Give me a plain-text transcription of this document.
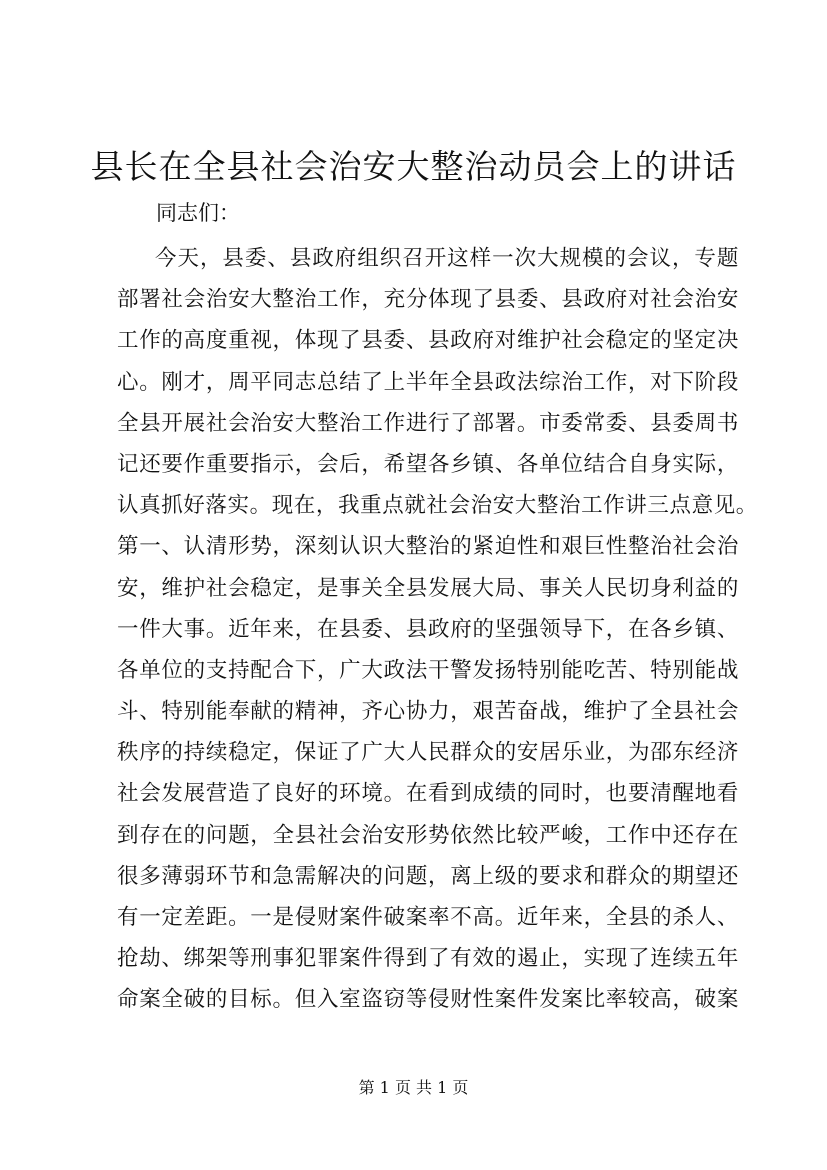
县长在全县社会治安大整治动员会上的讲话

同志们：

今天，县委、县政府组织召开这样一次大规模的会议，专题
部署社会治安大整治工作，充分体现了县委、县政府对社会治安
工作的高度重视，体现了县委、县政府对维护社会稳定的坚定决
心。刚才，周平同志总结了上半年全县政法综治工作，对下阶段
全县开展社会治安大整治工作进行了部署。市委常委、县委周书
记还要作重要指示，会后，希望各乡镇、各单位结合自身实际，
认真抓好落实。现在，我重点就社会治安大整治工作讲三点意见。
第一、认清形势，深刻认识大整治的紧迫性和艰巨性整治社会治
安，维护社会稳定，是事关全县发展大局、事关人民切身利益的
一件大事。近年来，在县委、县政府的坚强领导下，在各乡镇、
各单位的支持配合下，广大政法干警发扬特别能吃苦、特别能战
斗、特别能奉献的精神，齐心协力，艰苦奋战，维护了全县社会
秩序的持续稳定，保证了广大人民群众的安居乐业，为邵东经济
社会发展营造了良好的环境。在看到成绩的同时，也要清醒地看
到存在的问题，全县社会治安形势依然比较严峻，工作中还存在
很多薄弱环节和急需解决的问题，离上级的要求和群众的期望还
有一定差距。一是侵财案件破案率不高。近年来，全县的杀人、
抢劫、绑架等刑事犯罪案件得到了有效的遏止，实现了连续五年
命案全破的目标。但入室盗窃等侵财性案件发案比率较高，破案

第 1 页 共 1 页
